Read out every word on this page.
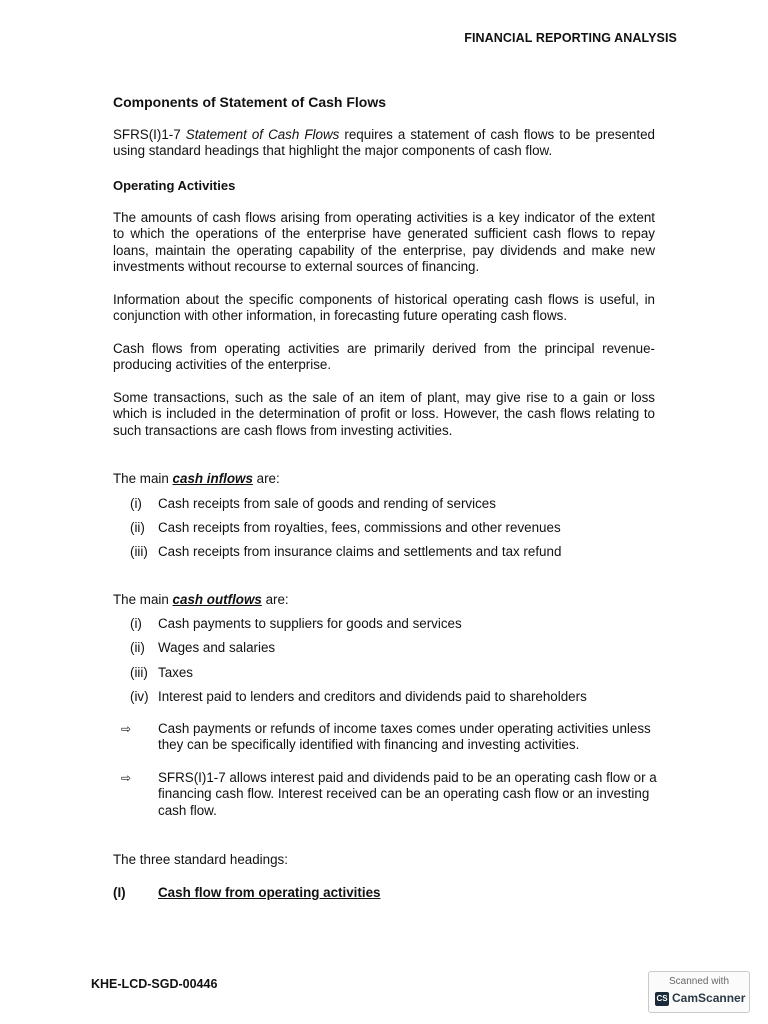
FINANCIAL REPORTING ANALYSIS
Components of Statement of Cash Flows
SFRS(I)1-7 Statement of Cash Flows requires a statement of cash flows to be presented using standard headings that highlight the major components of cash flow.
Operating Activities
The amounts of cash flows arising from operating activities is a key indicator of the extent to which the operations of the enterprise have generated sufficient cash flows to repay loans, maintain the operating capability of the enterprise, pay dividends and make new investments without recourse to external sources of financing.
Information about the specific components of historical operating cash flows is useful, in conjunction with other information, in forecasting future operating cash flows.
Cash flows from operating activities are primarily derived from the principal revenue-producing activities of the enterprise.
Some transactions, such as the sale of an item of plant, may give rise to a gain or loss which is included in the determination of profit or loss. However, the cash flows relating to such transactions are cash flows from investing activities.
The main cash inflows are:
(i) Cash receipts from sale of goods and rending of services
(ii) Cash receipts from royalties, fees, commissions and other revenues
(iii) Cash receipts from insurance claims and settlements and tax refund
The main cash outflows are:
(i) Cash payments to suppliers for goods and services
(ii) Wages and salaries
(iii) Taxes
(iv) Interest paid to lenders and creditors and dividends paid to shareholders
⇨ Cash payments or refunds of income taxes comes under operating activities unless they can be specifically identified with financing and investing activities.
⇨ SFRS(I)1-7 allows interest paid and dividends paid to be an operating cash flow or a financing cash flow. Interest received can be an operating cash flow or an investing cash flow.
The three standard headings:
(I) Cash flow from operating activities
KHE-LCD-SGD-00446	Scanned with
CS CamScanner
